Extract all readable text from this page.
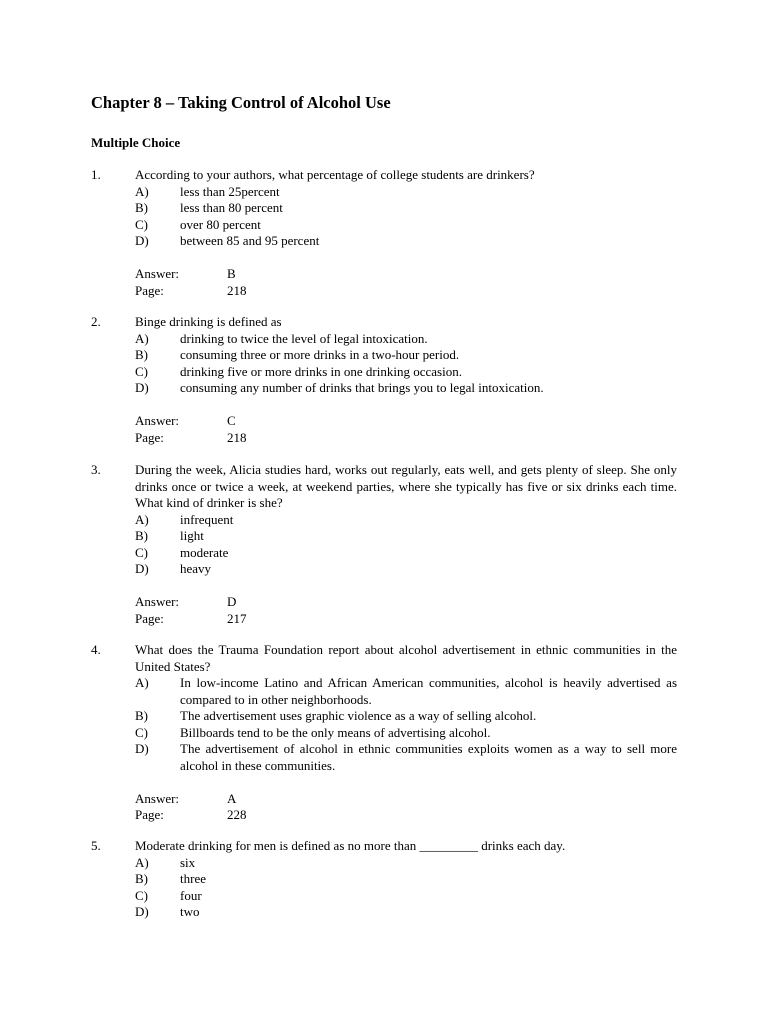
Chapter 8 – Taking Control of Alcohol Use
Multiple Choice
1.	According to your authors, what percentage of college students are drinkers?
A) less than 25percent
B) less than 80 percent
C) over 80 percent
D) between 85 and 95 percent
Answer:	B
Page:	218
2.	Binge drinking is defined as
A) drinking to twice the level of legal intoxication.
B) consuming three or more drinks in a two-hour period.
C) drinking five or more drinks in one drinking occasion.
D) consuming any number of drinks that brings you to legal intoxication.
Answer:	C
Page:	218
3.	During the week, Alicia studies hard, works out regularly, eats well, and gets plenty of sleep. She only drinks once or twice a week, at weekend parties, where she typically has five or six drinks each time. What kind of drinker is she?
A) infrequent
B) light
C) moderate
D) heavy
Answer:	D
Page:	217
4.	What does the Trauma Foundation report about alcohol advertisement in ethnic communities in the United States?
A) In low-income Latino and African American communities, alcohol is heavily advertised as compared to in other neighborhoods.
B) The advertisement uses graphic violence as a way of selling alcohol.
C) Billboards tend to be the only means of advertising alcohol.
D) The advertisement of alcohol in ethnic communities exploits women as a way to sell more alcohol in these communities.
Answer:	A
Page:	228
5.	Moderate drinking for men is defined as no more than _________ drinks each day.
A) six
B) three
C) four
D) two
